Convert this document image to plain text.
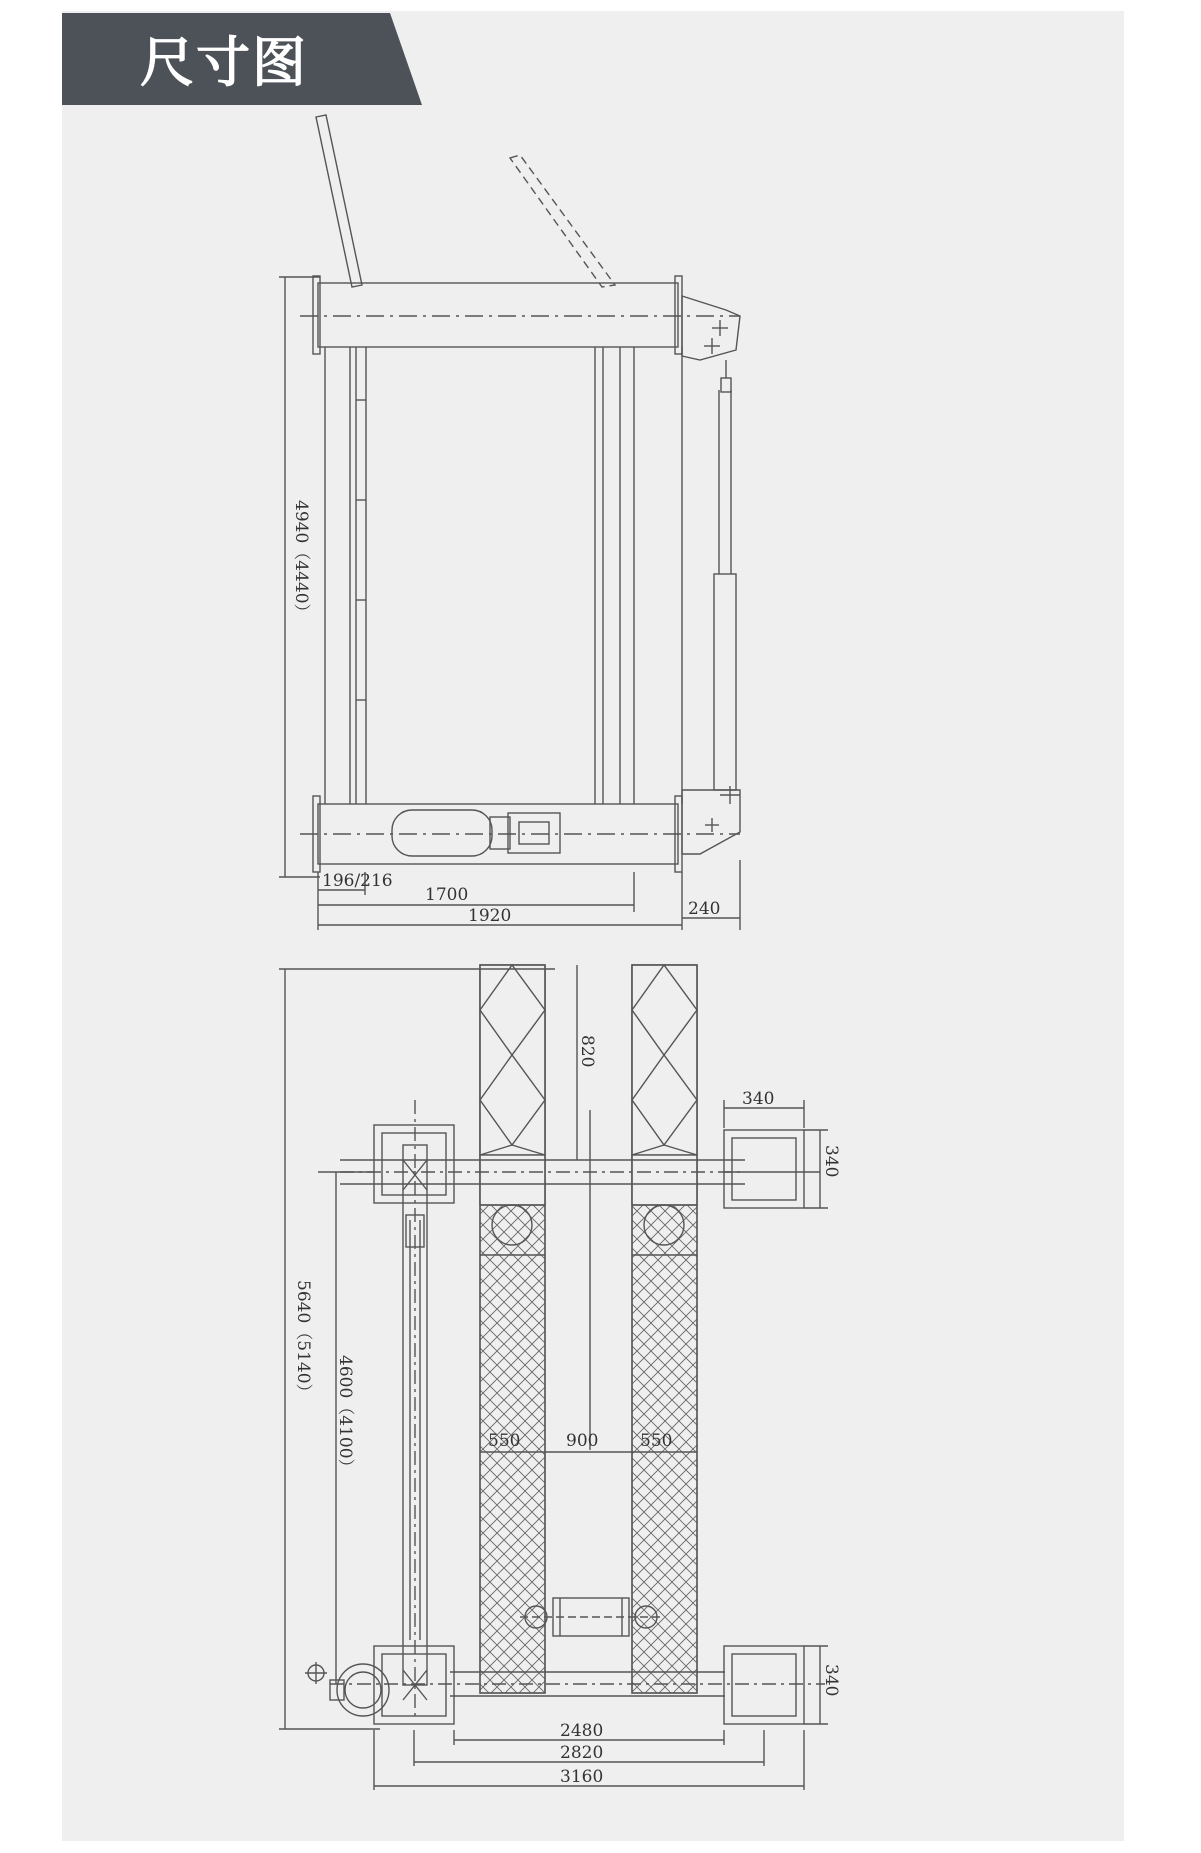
尺寸图
4940（4440）
196/216
1700
1920	240
5640（5140）
4600（4100）
820
340
340
340
550	900 550
2480
2820
3160
